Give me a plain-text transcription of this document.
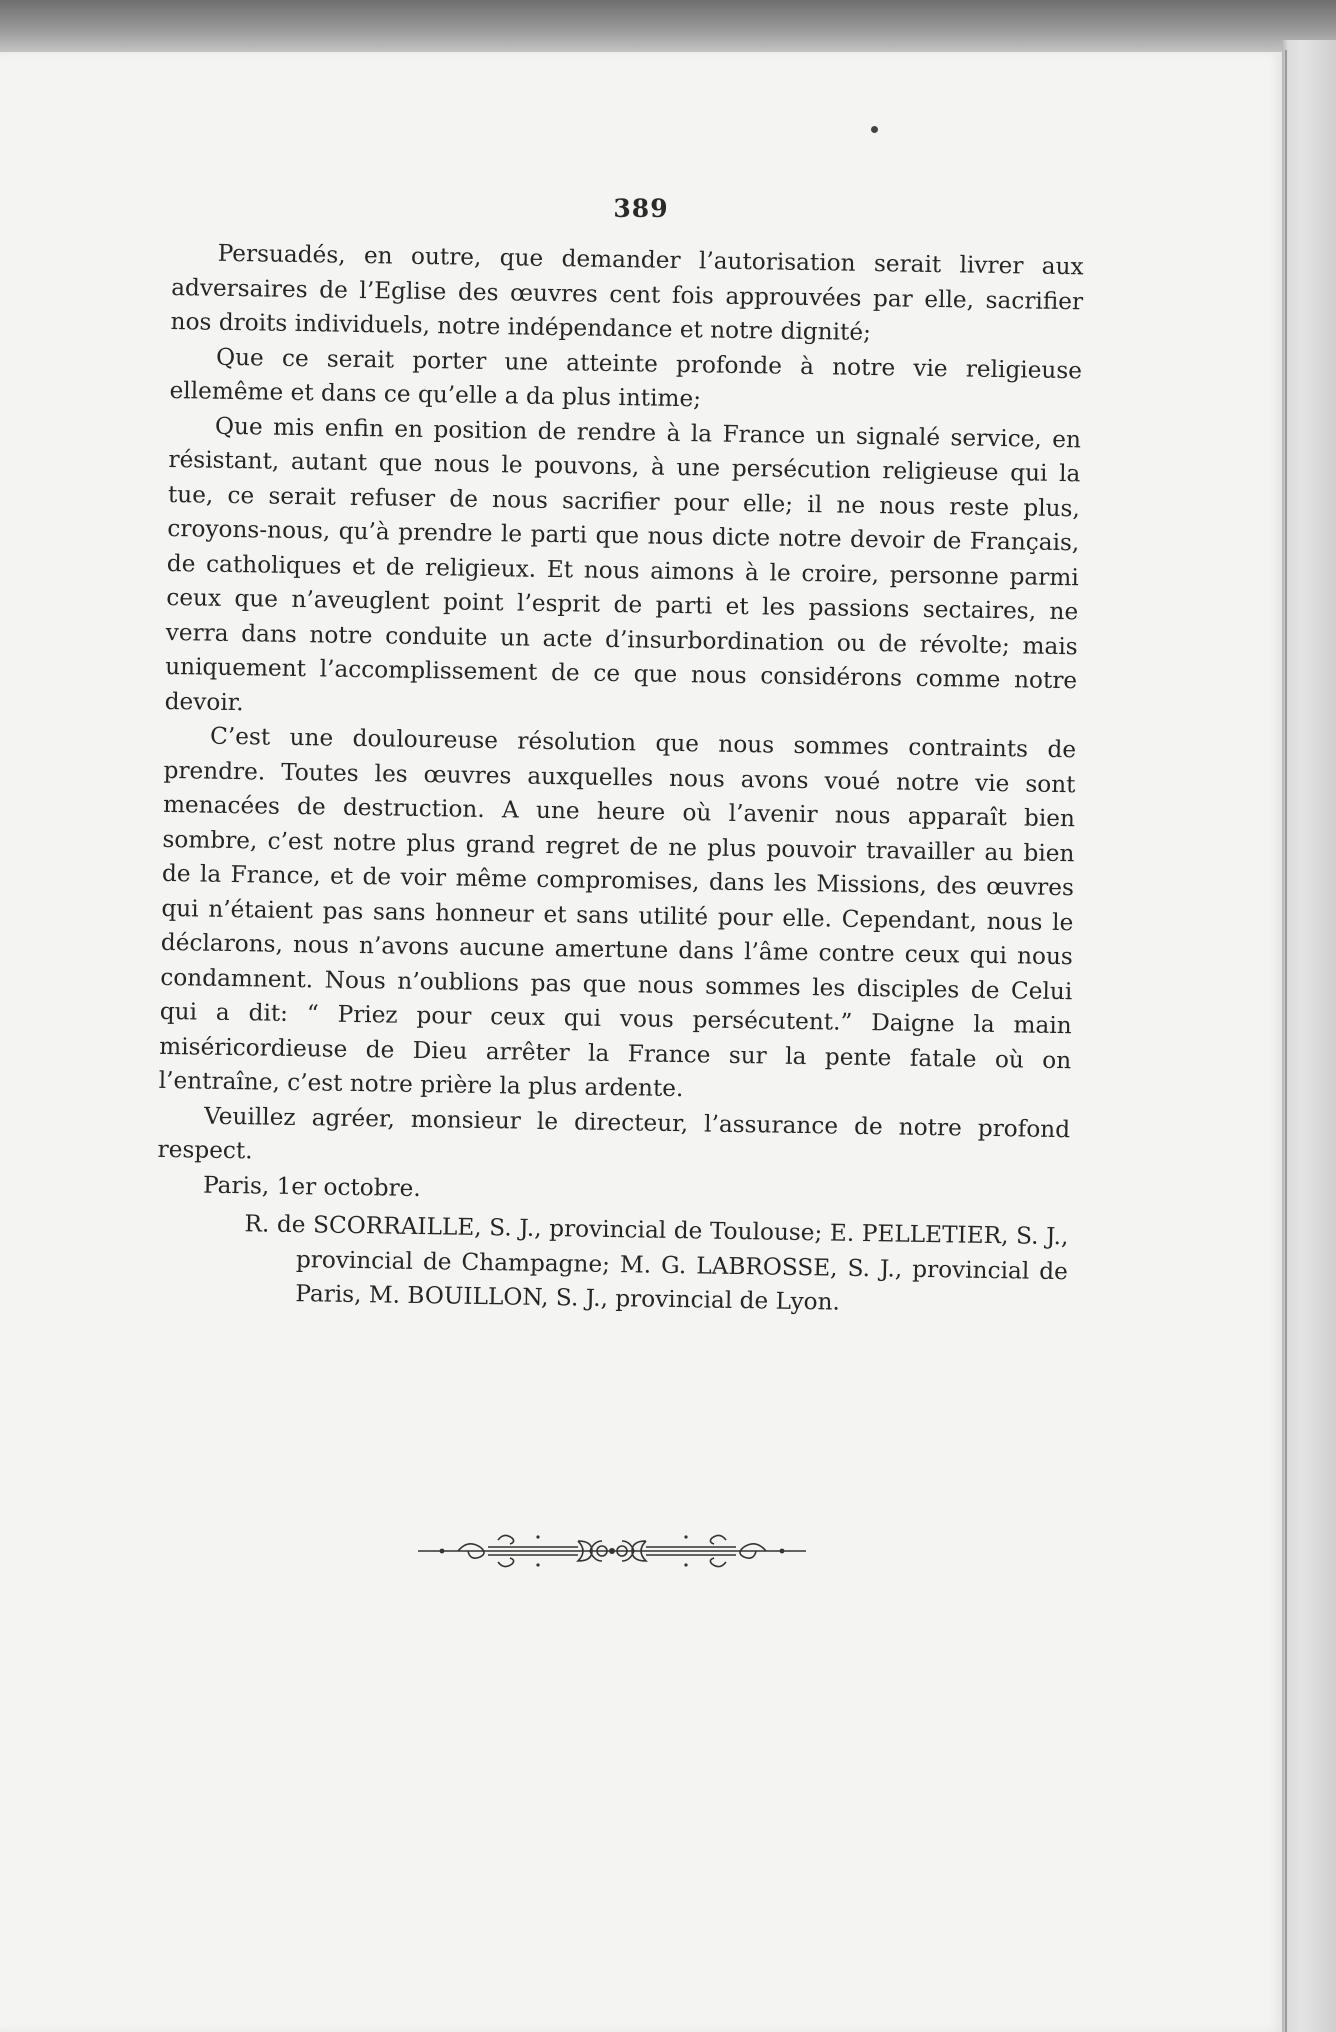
389

Persuadés, en outre, que demander l’autorisation serait livrer aux adversaires de l’Eglise des œuvres cent fois approuvées par elle, sacrifier nos droits individuels, notre indépendance et notre dignité;

Que ce serait porter une atteinte profonde à notre vie religieuse ellemême et dans ce qu’elle a da plus intime;

Que mis enfin en position de rendre à la France un signalé service, en résistant, autant que nous le pouvons, à une persécution religieuse qui la tue, ce serait refuser de nous sacrifier pour elle; il ne nous reste plus, croyons-nous, qu’à prendre le parti que nous dicte notre devoir de Français, de catholiques et de religieux. Et nous aimons à le croire, personne parmi ceux que n’aveuglent point l’esprit de parti et les passions sectaires, ne verra dans notre conduite un acte d’insurbordination ou de révolte; mais uniquement l’accomplissement de ce que nous considérons comme notre devoir.

C’est une douloureuse résolution que nous sommes contraints de prendre. Toutes les œuvres auxquelles nous avons voué notre vie sont menacées de destruction. A une heure où l’avenir nous apparaît bien sombre, c’est notre plus grand regret de ne plus pouvoir travailler au bien de la France, et de voir même compromises, dans les Missions, des œuvres qui n’étaient pas sans honneur et sans utilité pour elle. Cependant, nous le déclarons, nous n’avons aucune amertune dans l’âme contre ceux qui nous condamnent. Nous n’oublions pas que nous sommes les disciples de Celui qui a dit: “ Priez pour ceux qui vous persécutent.” Daigne la main miséricordieuse de Dieu arrêter la France sur la pente fatale où on l’entraîne, c’est notre prière la plus ardente.

Veuillez agréer, monsieur le directeur, l’assurance de notre profond respect.

Paris, 1er octobre.

R. de SCORRAILLE, S. J., provincial de Toulouse; E. PELLETIER, S. J., provincial de Champagne; M. G. LABROSSE, S. J., provincial de Paris, M. BOUILLON, S. J., provincial de Lyon.
